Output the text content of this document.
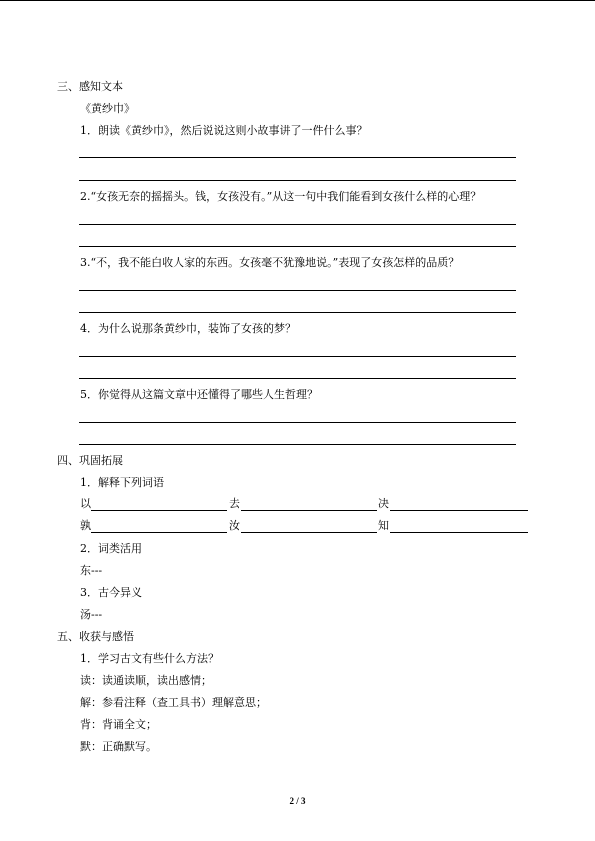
三、感知文本
《黄纱巾》
1．朗读《黄纱巾》，然后说说这则小故事讲了一件什么事？
2.“女孩无奈的摇摇头。钱，女孩没有。”从这一句中我们能看到女孩什么样的心理？
3.“不，我不能白收人家的东西。女孩毫不犹豫地说。”表现了女孩怎样的品质？
4．为什么说那条黄纱巾，装饰了女孩的梦？
5．你觉得从这篇文章中还懂得了哪些人生哲理？
四、巩固拓展
1．解释下列词语
以	去	决
孰	汝	知
2．词类活用
东---
3．古今异义
汤---
五、收获与感悟
1．学习古文有些什么方法？
读：读通读顺，读出感情；
解：参看注释（查工具书）理解意思；
背：背诵全文；
默：正确默写。
2 / 3
